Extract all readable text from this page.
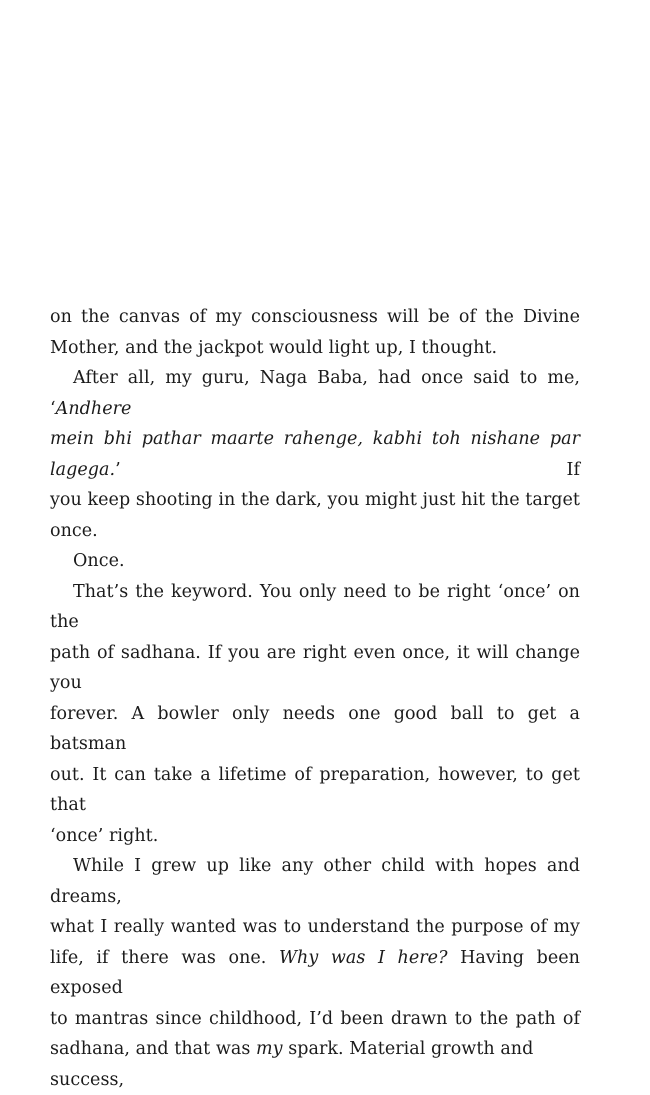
on the canvas of my consciousness will be of the Divine
Mother, and the jackpot would light up, I thought.
After all, my guru, Naga Baba, had once said to me, ‘Andhere
mein bhi pathar maarte rahenge, kabhi toh nishane par lagega.’ If
you keep shooting in the dark, you might just hit the target
once.
Once.
That’s the keyword. You only need to be right ‘once’ on the
path of sadhana. If you are right even once, it will change you
forever. A bowler only needs one good ball to get a batsman
out. It can take a lifetime of preparation, however, to get that
‘once’ right.
While I grew up like any other child with hopes and dreams,
what I really wanted was to understand the purpose of my
life, if there was one. Why was I here? Having been exposed
to mantras since childhood, I’d been drawn to the path of
sadhana, and that was my spark. Material growth and success,
